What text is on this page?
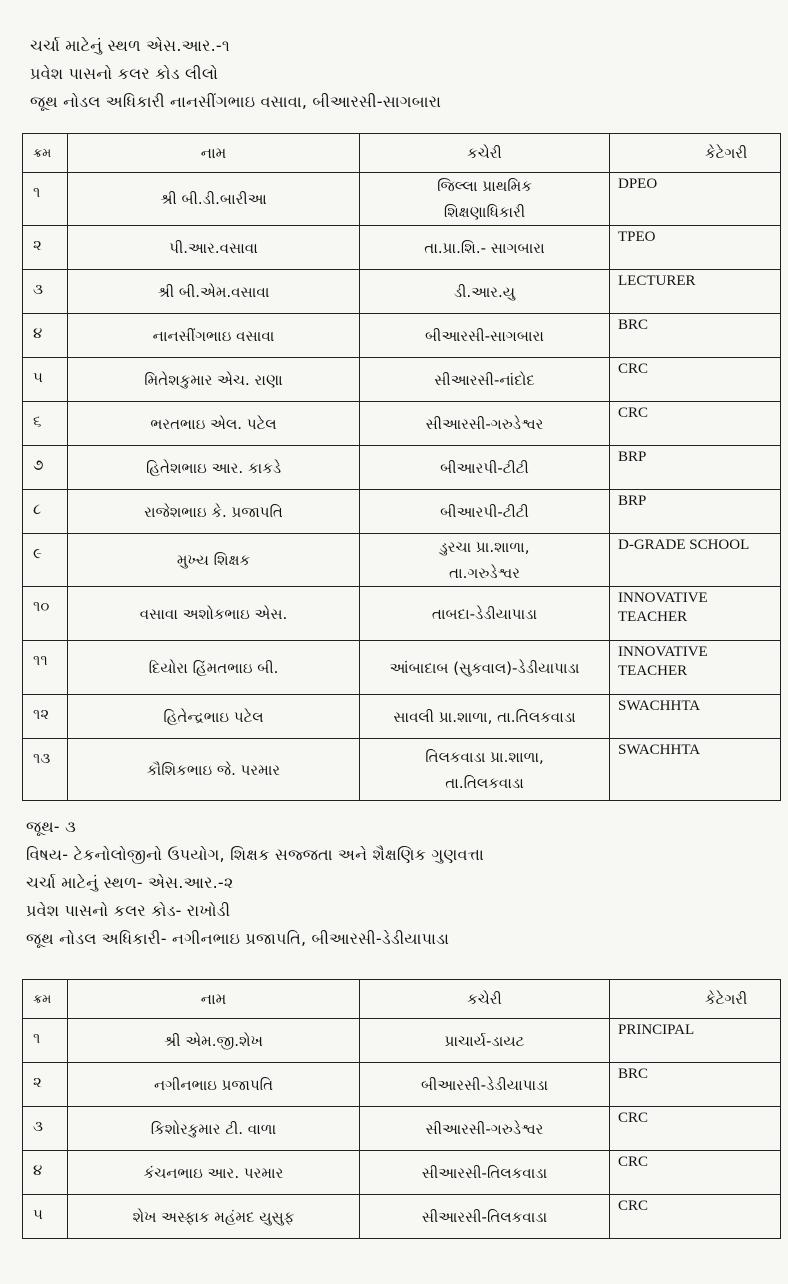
ચર્ચા માટેનું સ્થળ એસ.આર.-૧
પ્રવેશ પાસનો કલર કોડ લીલો
જૂથ નોડલ અધિકારી નાનસીંગભાઇ વસાવા, બીઆરસી-સાગબારા
ક્રમ	નામ	કચેરી	કેટેગરી
૧	શ્રી બી.ડી.બારીઆ	જિલ્લા પ્રાથમિક શિક્ષણાધિકારી	DPEO
૨	પી.આર.વસાવા	તા.પ્રા.શિ.- સાગબારા	TPEO
૩	શ્રી બી.એમ.વસાવા	ડી.આર.યુ	LECTURER
૪	નાનસીંગભાઇ વસાવા	બીઆરસી-સાગબારા	BRC
૫	મિતેશકુમાર એચ. રાણા	સીઆરસી-નાંદોદ	CRC
૬	ભરતભાઇ એલ. પટેલ	સીઆરસી-ગરુડેશ્વર	CRC
૭	હિતેશભાઇ આર. કાકડે	બીઆરપી-ટીટી	BRP
૮	રાજેશભાઇ કે. પ્રજાપતિ	બીઆરપી-ટીટી	BRP
૯	મુખ્ય શિક્ષક	ડુરચા પ્રા.શાળા, તા.ગરુડેશ્વર	D-GRADE SCHOOL
૧૦	વસાવા અશોકભાઇ એસ.	તાબદા-ડેડીયાપાડા	INNOVATIVE TEACHER
૧૧	દિયોરા હિંમતભાઇ બી.	આંબાદાબ (સુકવાલ)-ડેડીયાપાડા	INNOVATIVE TEACHER
૧૨	હિતેન્દ્રભાઇ પટેલ	સાવલી પ્રા.શાળા, તા.તિલકવાડા	SWACHHTA
૧૩	કૌશિકભાઇ જે. પરમાર	તિલકવાડા પ્રા.શાળા, તા.તિલકવાડા	SWACHHTA
જૂથ- ૩
વિષય- ટેકનોલોજીનો ઉપયોગ, શિક્ષક સજ્જતા અને શૈક્ષણિક ગુણવત્તા
ચર્ચા માટેનું સ્થળ- એસ.આર.-૨
પ્રવેશ પાસનો કલર કોડ- રાખોડી
જૂથ નોડલ અધિકારી- નગીનભાઇ પ્રજાપતિ, બીઆરસી-ડેડીયાપાડા
ક્રમ	નામ	કચેરી	કેટેગરી
૧	શ્રી એમ.જી.શેખ	પ્રાચાર્ય-ડાયટ	PRINCIPAL
૨	નગીનભાઇ પ્રજાપતિ	બીઆરસી-ડેડીયાપાડા	BRC
૩	કિશોરકુમાર ટી. વાળા	સીઆરસી-ગરુડેશ્વર	CRC
૪	કંચનભાઇ આર. પરમાર	સીઆરસી-તિલકવાડા	CRC
૫	શેખ અસ્ફાક મહંમદ યુસુફ	સીઆરસી-તિલકવાડા	CRC
